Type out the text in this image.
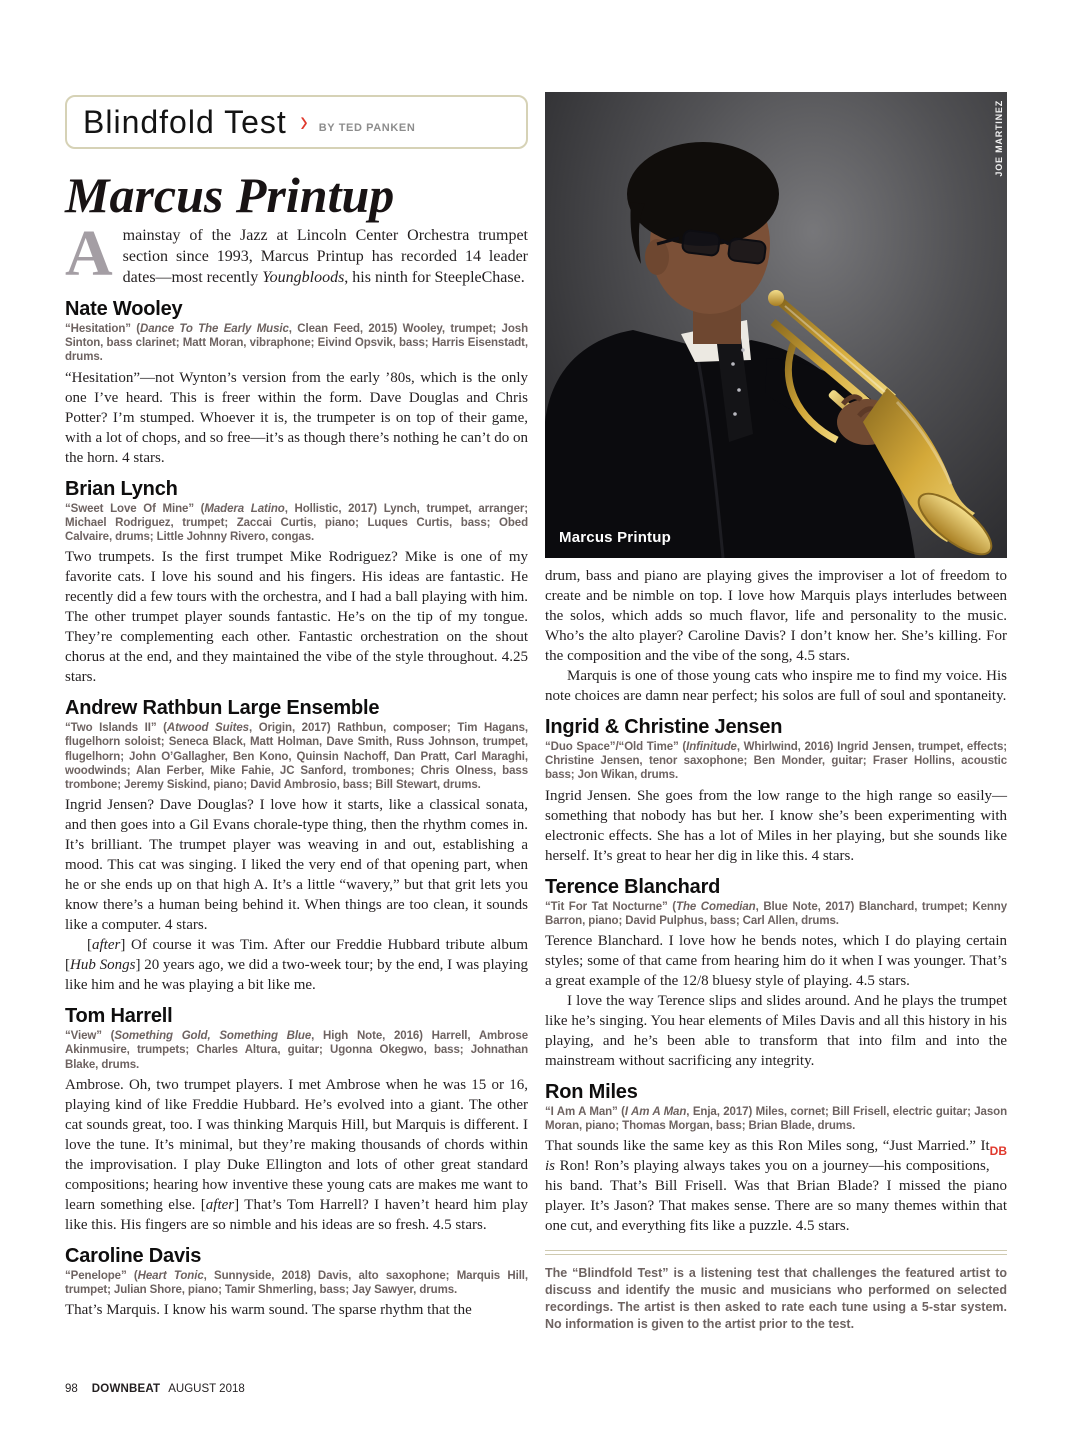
Blindfold Test › BY TED PANKEN
Marcus Printup

Amainstay of the Jazz at Lincoln Center Orchestra trumpet section since 1993, Marcus Printup has recorded 14 leader dates—most recently Youngbloods, his ninth for SteepleChase.

Nate Wooley

“Hesitation” (Dance To The Early Music, Clean Feed, 2015) Wooley, trumpet; Josh Sinton, bass clarinet; Matt Moran, vibraphone; Eivind Opsvik, bass; Harris Eisenstadt, drums.

“Hesitation”—not Wynton’s version from the early ’80s, which is the only one I’ve heard. This is freer within the form. Dave Douglas and Chris Potter? I’m stumped. Whoever it is, the trumpeter is on top of their game, with a lot of chops, and so free—it’s as though there’s nothing he can’t do on the horn. 4 stars.

Brian Lynch

“Sweet Love Of Mine” (Madera Latino, Hollistic, 2017) Lynch, trumpet, arranger; Michael Rodriguez, trumpet; Zaccai Curtis, piano; Luques Curtis, bass; Obed Calvaire, drums; Little Johnny Rivero, congas.

Two trumpets. Is the first trumpet Mike Rodriguez? Mike is one of my favorite cats. I love his sound and his fingers. His ideas are fantastic. He recently did a few tours with the orchestra, and I had a ball playing with him. The other trumpet player sounds fantastic. He’s on the tip of my tongue. They’re complementing each other. Fantastic orchestration on the shout chorus at the end, and they maintained the vibe of the style throughout. 4.25 stars.

Andrew Rathbun Large Ensemble

“Two Islands II” (Atwood Suites, Origin, 2017) Rathbun, composer; Tim Hagans, flugelhorn soloist; Seneca Black, Matt Holman, Dave Smith, Russ Johnson, trumpet, flugelhorn; John O’Gallagher, Ben Kono, Quinsin Nachoff, Dan Pratt, Carl Maraghi, woodwinds; Alan Ferber, Mike Fahie, JC Sanford, trombones; Chris Olness, bass trombone; Jeremy Siskind, piano; David Ambrosio, bass; Bill Stewart, drums.

Ingrid Jensen? Dave Douglas? I love how it starts, like a classical sonata, and then goes into a Gil Evans chorale-type thing, then the rhythm comes in. It’s brilliant. The trumpet player was weaving in and out, establishing a mood. This cat was singing. I liked the very end of that opening part, when he or she ends up on that high A. It’s a little “wavery,” but that grit lets you know there’s a human being behind it. When things are too clean, it sounds like a computer. 4 stars.

[after] Of course it was Tim. After our Freddie Hubbard tribute album [Hub Songs] 20 years ago, we did a two-week tour; by the end, I was playing like him and he was playing a bit like me.

Tom Harrell

“View” (Something Gold, Something Blue, High Note, 2016) Harrell, Ambrose Akinmusire, trumpets; Charles Altura, guitar; Ugonna Okegwo, bass; Johnathan Blake, drums.

Ambrose. Oh, two trumpet players. I met Ambrose when he was 15 or 16, playing kind of like Freddie Hubbard. He’s evolved into a giant. The other cat sounds great, too. I was thinking Marquis Hill, but Marquis is different. I love the tune. It’s minimal, but they’re making thousands of chords within the improvisation. I play Duke Ellington and lots of other great standard compositions; hearing how inventive these young cats are makes me want to learn something else. [after] That’s Tom Harrell? I haven’t heard him play like this. His fingers are so nimble and his ideas are so fresh. 4.5 stars.

Caroline Davis

“Penelope” (Heart Tonic, Sunnyside, 2018) Davis, alto saxophone; Marquis Hill, trumpet; Julian Shore, piano; Tamir Shmerling, bass; Jay Sawyer, drums.

That’s Marquis. I know his warm sound. The sparse rhythm that the

Marcus Printup
JOE MARTINEZ

drum, bass and piano are playing gives the improviser a lot of freedom to create and be nimble on top. I love how Marquis plays interludes between the solos, which adds so much flavor, life and personality to the music. Who’s the alto player? Caroline Davis? I don’t know her. She’s killing. For the composition and the vibe of the song, 4.5 stars.

Marquis is one of those young cats who inspire me to find my voice. His note choices are damn near perfect; his solos are full of soul and spontaneity.

Ingrid & Christine Jensen

“Duo Space”/“Old Time” (Infinitude, Whirlwind, 2016) Ingrid Jensen, trumpet, effects; Christine Jensen, tenor saxophone; Ben Monder, guitar; Fraser Hollins, acoustic bass; Jon Wikan, drums.

Ingrid Jensen. She goes from the low range to the high range so easily—something that nobody has but her. I know she’s been experimenting with electronic effects. She has a lot of Miles in her playing, but she sounds like herself. It’s great to hear her dig in like this. 4 stars.

Terence Blanchard

“Tit For Tat Nocturne” (The Comedian, Blue Note, 2017) Blanchard, trumpet; Kenny Barron, piano; David Pulphus, bass; Carl Allen, drums.

Terence Blanchard. I love how he bends notes, which I do playing certain styles; some of that came from hearing him do it when I was younger. That’s a great example of the 12/8 bluesy style of playing. 4.5 stars.

I love the way Terence slips and slides around. And he plays the trumpet like he’s singing. You hear elements of Miles Davis and all this history in his playing, and he’s been able to transform that into film and into the mainstream without sacrificing any integrity.

Ron Miles

“I Am A Man” (I Am A Man, Enja, 2017) Miles, cornet; Bill Frisell, electric guitar; Jason Moran, piano; Thomas Morgan, bass; Brian Blade, drums.

DB
That sounds like the same key as this Ron Miles song, “Just Married.” It is Ron! Ron’s playing always takes you on a journey—his compositions, his band. That’s Bill Frisell. Was that Brian Blade? I missed the piano player. It’s Jason? That makes sense. There are so many themes within that one cut, and everything fits like a puzzle. 4.5 stars.

The “Blindfold Test” is a listening test that challenges the featured artist to discuss and identify the music and musicians who performed on selected recordings. The artist is then asked to rate each tune using a 5-star system. No information is given to the artist prior to the test.

98 DOWNBEAT AUGUST 2018
